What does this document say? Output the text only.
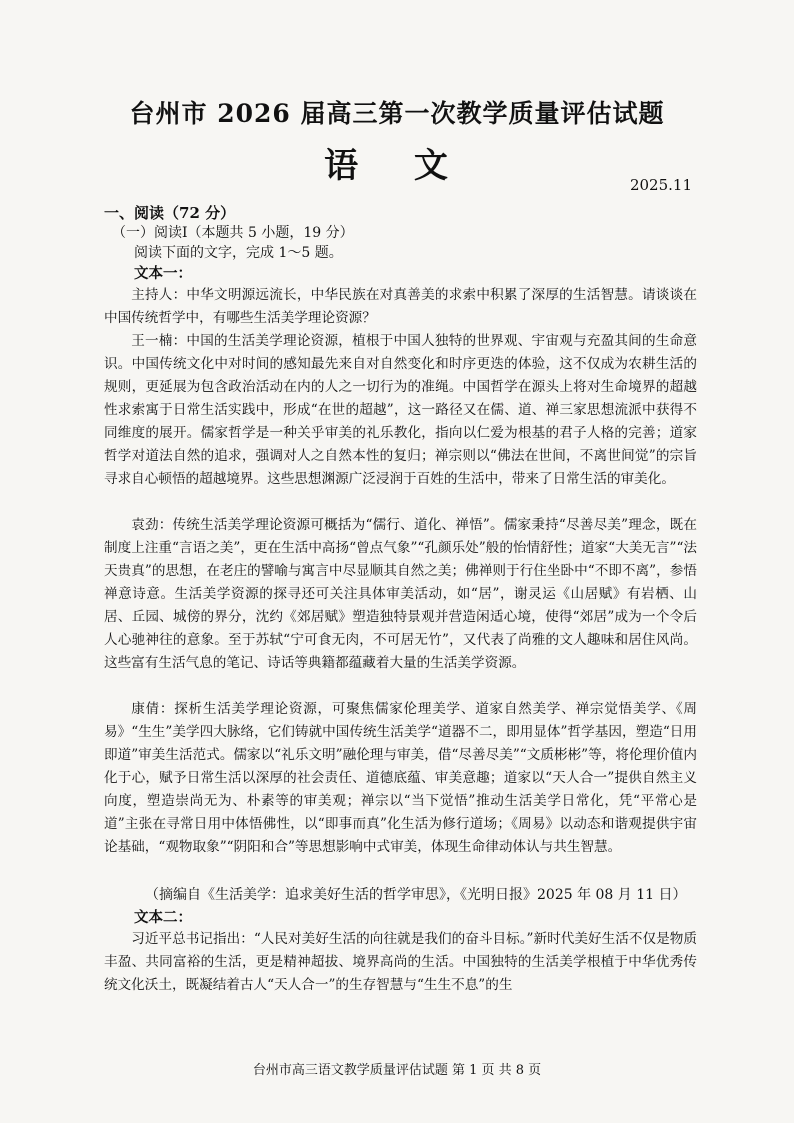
台州市 2026 届高三第一次教学质量评估试题
语 文	2025.11
一、阅读（72 分）
（一）阅读Ⅰ（本题共 5 小题，19 分）
阅读下面的文字，完成 1～5 题。
文本一：

主持人：中华文明源远流长，中华民族在对真善美的求索中积累了深厚的生活智慧。请谈谈在中国传统哲学中，有哪些生活美学理论资源？

王一楠：中国的生活美学理论资源，植根于中国人独特的世界观、宇宙观与充盈其间的生命意识。中国传统文化中对时间的感知最先来自对自然变化和时序更迭的体验，这不仅成为农耕生活的规则，更延展为包含政治活动在内的人之一切行为的准绳。中国哲学在源头上将对生命境界的超越性求索寓于日常生活实践中，形成“在世的超越”，这一路径又在儒、道、禅三家思想流派中获得不同维度的展开。儒家哲学是一种关乎审美的礼乐教化，指向以仁爱为根基的君子人格的完善；道家哲学对道法自然的追求，强调对人之自然本性的复归；禅宗则以“佛法在世间，不离世间觉”的宗旨寻求自心顿悟的超越境界。这些思想渊源广泛浸润于百姓的生活中，带来了日常生活的审美化。

袁劲：传统生活美学理论资源可概括为“儒行、道化、禅悟”。儒家秉持“尽善尽美”理念，既在制度上注重“言语之美”，更在生活中高扬“曾点气象”“孔颜乐处”般的怡情舒性；道家“大美无言”“法天贵真”的思想，在老庄的譬喻与寓言中尽显顺其自然之美；佛禅则于行住坐卧中“不即不离”，参悟禅意诗意。生活美学资源的探寻还可关注具体审美活动，如“居”，谢灵运《山居赋》有岩栖、山居、丘园、城傍的界分，沈约《郊居赋》塑造独特景观并营造闲适心境，使得“郊居”成为一个令后人心驰神往的意象。至于苏轼“宁可食无肉，不可居无竹”，又代表了尚雅的文人趣味和居住风尚。这些富有生活气息的笔记、诗话等典籍都蕴藏着大量的生活美学资源。

康倩：探析生活美学理论资源，可聚焦儒家伦理美学、道家自然美学、禅宗觉悟美学、《周易》“生生”美学四大脉络，它们铸就中国传统生活美学“道器不二，即用显体”哲学基因，塑造“日用即道”审美生活范式。儒家以“礼乐文明”融伦理与审美，借“尽善尽美”“文质彬彬”等，将伦理价值内化于心，赋予日常生活以深厚的社会责任、道德底蕴、审美意趣；道家以“天人合一”提供自然主义向度，塑造崇尚无为、朴素等的审美观；禅宗以“当下觉悟”推动生活美学日常化，凭“平常心是道”主张在寻常日用中体悟佛性，以“即事而真”化生活为修行道场；《周易》以动态和谐观提供宇宙论基础，“观物取象”“阴阳和合”等思想影响中式审美，体现生命律动体认与共生智慧。

（摘编自《生活美学：追求美好生活的哲学审思》，《光明日报》2025 年 08 月 11 日）
文本二：

习近平总书记指出：“人民对美好生活的向往就是我们的奋斗目标。”新时代美好生活不仅是物质丰盈、共同富裕的生活，更是精神超拔、境界高尚的生活。中国独特的生活美学根植于中华优秀传统文化沃土，既凝结着古人“天人合一”的生存智慧与“生生不息”的生

台州市高三语文教学质量评估试题 第 1 页 共 8 页
